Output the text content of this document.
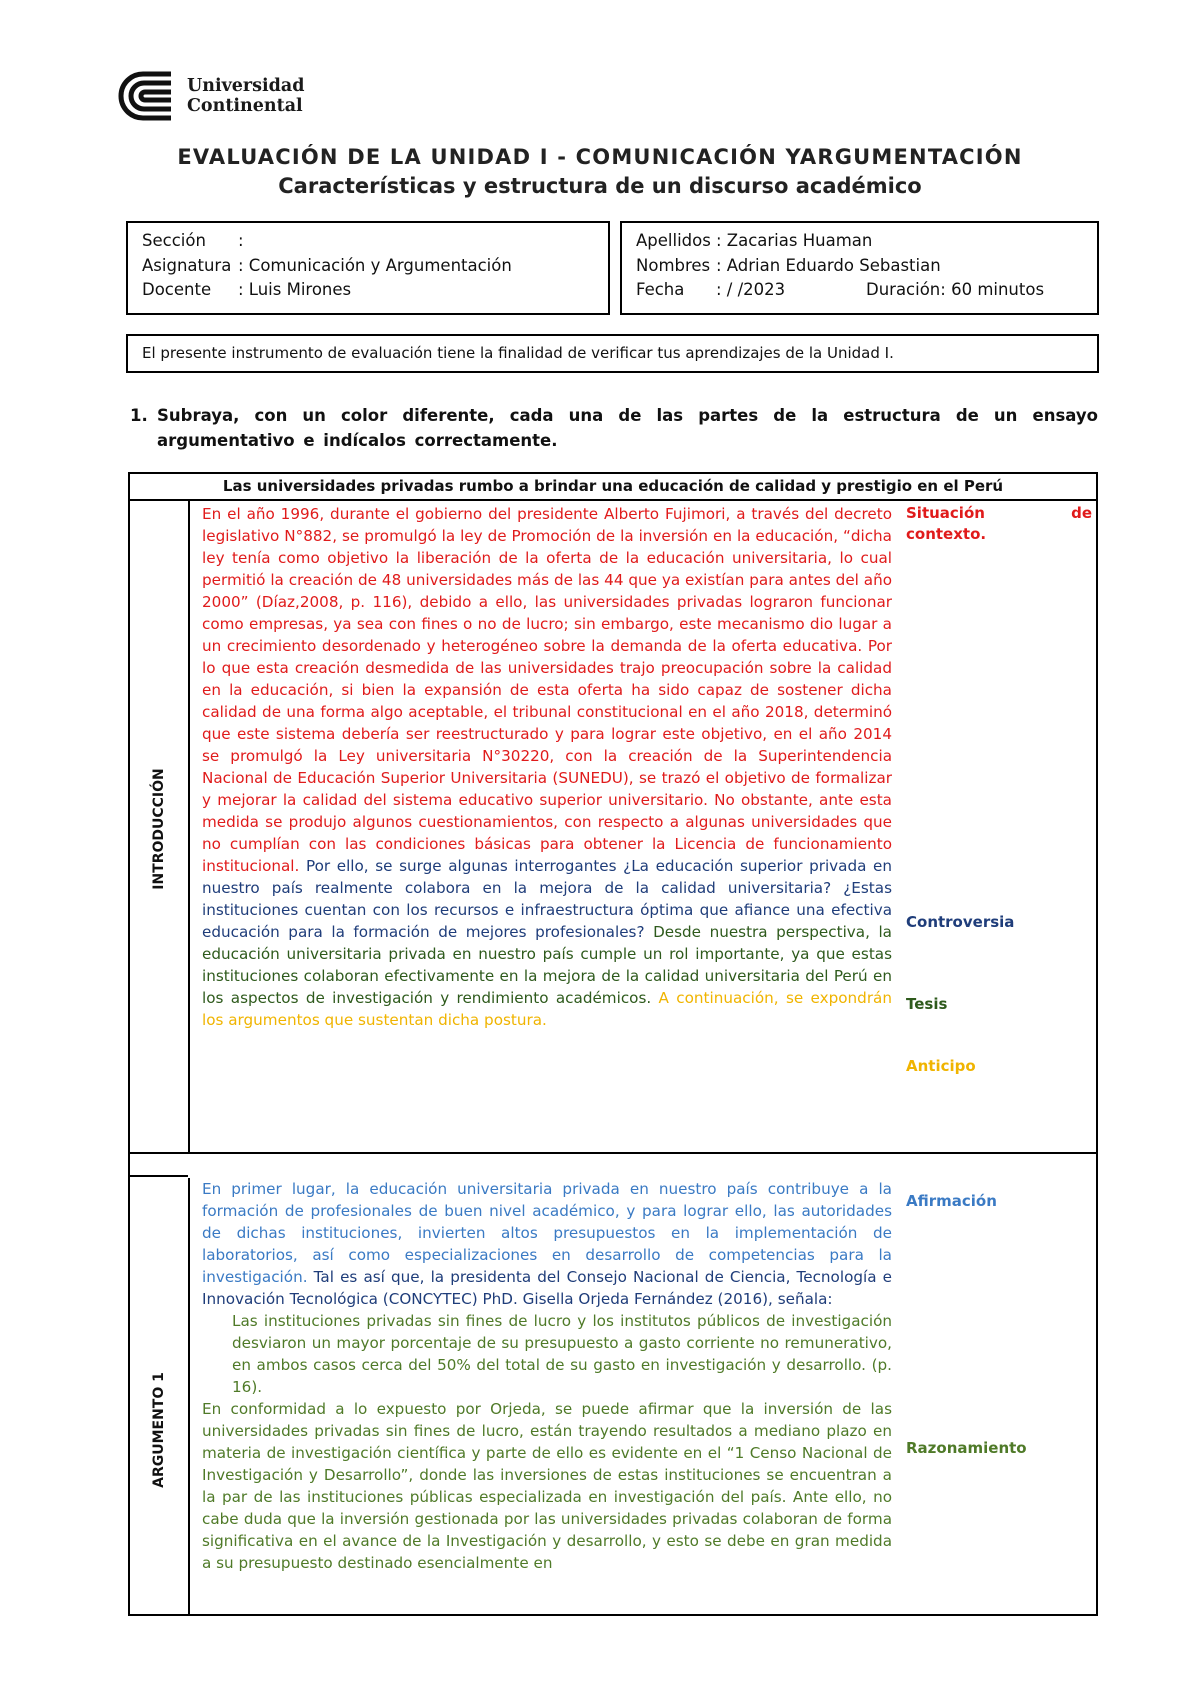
Universidad
Continental
EVALUACIÓN DE LA UNIDAD I - COMUNICACIÓN YARGUMENTACIÓN
Características y estructura de un discurso académico
Sección :
Asignatura : Comunicación y Argumentación
Docente : Luis Mirones
Apellidos : Zacarias Huaman
Nombres : Adrian Eduardo Sebastian
Fecha : / /2023	Duración: 60 minutos
El presente instrumento de evaluación tiene la finalidad de verificar tus aprendizajes de la Unidad I.
1. Subraya, con un color diferente, cada una de las partes de la estructura de un ensayo argumentativo e indícalos correctamente.
Las universidades privadas rumbo a brindar una educación de calidad y prestigio en el Perú
INTRODUCCIÓN
ARGUMENTO 1
En el año 1996, durante el gobierno del presidente Alberto Fujimori, a través del decreto legislativo N°882, se promulgó la ley de Promoción de la inversión en la educación, “dicha ley tenía como objetivo la liberación de la oferta de la educación universitaria, lo cual permitió la creación de 48 universidades más de las 44 que ya existían para antes del año 2000” (Díaz,2008, p. 116), debido a ello, las universidades privadas lograron funcionar como empresas, ya sea con fines o no de lucro; sin embargo, este mecanismo dio lugar a un crecimiento desordenado y heterogéneo sobre la demanda de la oferta educativa. Por lo que esta creación desmedida de las universidades trajo preocupación sobre la calidad en la educación, si bien la expansión de esta oferta ha sido capaz de sostener dicha calidad de una forma algo aceptable, el tribunal constitucional en el año 2018, determinó que este sistema debería ser reestructurado y para lograr este objetivo, en el año 2014 se promulgó la Ley universitaria N°30220, con la creación de la Superintendencia Nacional de Educación Superior Universitaria (SUNEDU), se trazó el objetivo de formalizar y mejorar la calidad del sistema educativo superior universitario. No obstante, ante esta medida se produjo algunos cuestionamientos, con respecto a algunas universidades que no cumplían con las condiciones básicas para obtener la Licencia de funcionamiento institucional. Por ello, se surge algunas interrogantes ¿La educación superior privada en nuestro país realmente colabora en la mejora de la calidad universitaria? ¿Estas instituciones cuentan con los recursos e infraestructura óptima que afiance una efectiva educación para la formación de mejores profesionales? Desde nuestra perspectiva, la educación universitaria privada en nuestro país cumple un rol importante, ya que estas instituciones colaboran efectivamente en la mejora de la calidad universitaria del Perú en los aspectos de investigación y rendimiento académicos. A continuación, se expondrán los argumentos que sustentan dicha postura.
En primer lugar, la educación universitaria privada en nuestro país contribuye a la formación de profesionales de buen nivel académico, y para lograr ello, las autoridades de dichas instituciones, invierten altos presupuestos en la implementación de laboratorios, así como especializaciones en desarrollo de competencias para la investigación. Tal es así que, la presidenta del Consejo Nacional de Ciencia, Tecnología e Innovación Tecnológica (CONCYTEC) PhD. Gisella Orjeda Fernández (2016), señala:
Las instituciones privadas sin fines de lucro y los institutos públicos de investigación desviaron un mayor porcentaje de su presupuesto a gasto corriente no remunerativo, en ambos casos cerca del 50% del total de su gasto en investigación y desarrollo. (p. 16).
En conformidad a lo expuesto por Orjeda, se puede afirmar que la inversión de las universidades privadas sin fines de lucro, están trayendo resultados a mediano plazo en materia de investigación científica y parte de ello es evidente en el “1 Censo Nacional de Investigación y Desarrollo”, donde las inversiones de estas instituciones se encuentran a la par de las instituciones públicas especializada en investigación del país. Ante ello, no cabe duda que la inversión gestionada por las universidades privadas colaboran de forma significativa en el avance de la Investigación y desarrollo, y esto se debe en gran medida a su presupuesto destinado esencialmente en
Situación de contexto.
Controversia
Tesis
Anticipo
Afirmación
Razonamiento
